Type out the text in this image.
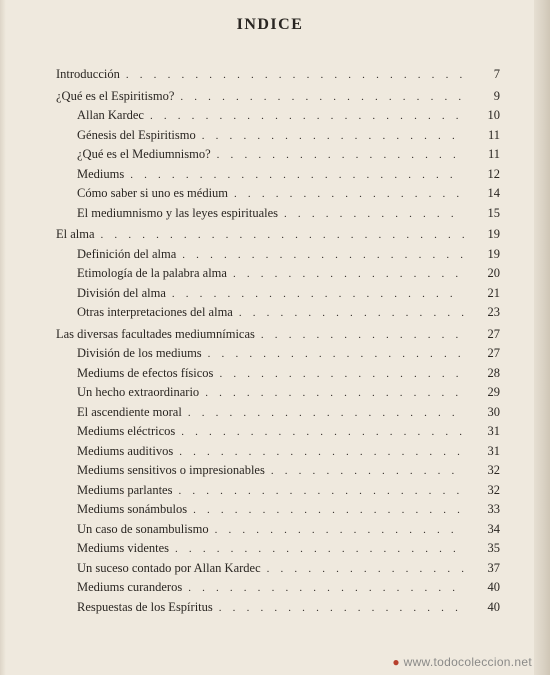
INDICE
Introducción . . .	7
¿Qué es el Espiritismo? . . .	9
Allan Kardec . . .	10
Génesis del Espiritismo . . .	11
¿Qué es el Mediumnismo? . . .	11
Mediums . . .	12
Cómo saber si uno es médium . . .	14
El mediumnismo y las leyes espirituales . . .	15
El alma . . .	19
Definición del alma . . .	19
Etimología de la palabra alma . . .	20
División del alma . . .	21
Otras interpretaciones del alma . . .	23
Las diversas facultades mediumnímicas . . .	27
División de los mediums . . .	27
Mediums de efectos físicos . . .	28
Un hecho extraordinario . . .	29
El ascendiente moral . . .	30
Mediums eléctricos . . .	31
Mediums auditivos . . .	31
Mediums sensitivos o impresionables . . .	32
Mediums parlantes . . .	32
Mediums sonámbulos . . .	33
Un caso de sonambulismo . . .	34
Mediums videntes . . .	35
Un suceso contado por Allan Kardec . . .	37
Mediums curanderos . . .	40
Respuestas de los Espíritus . . .	40
● www.todocoleccion.net
